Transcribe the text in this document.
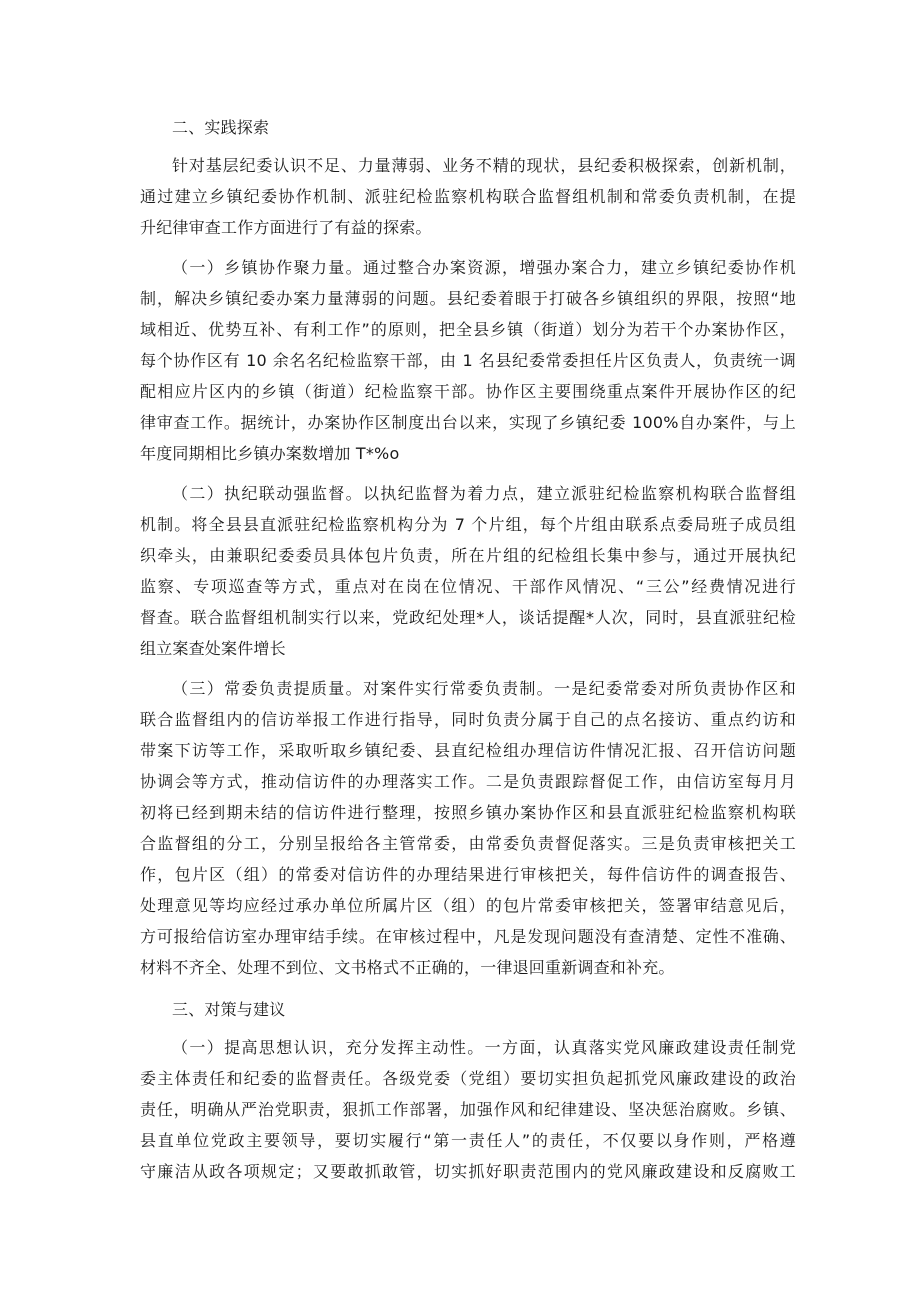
二、实践探索
针对基层纪委认识不足、力量薄弱、业务不精的现状，县纪委积极探索，创新机制，
通过建立乡镇纪委协作机制、派驻纪检监察机构联合监督组机制和常委负责机制，在提
升纪律审查工作方面进行了有益的探索。
（一）乡镇协作聚力量。通过整合办案资源，增强办案合力，建立乡镇纪委协作机
制，解决乡镇纪委办案力量薄弱的问题。县纪委着眼于打破各乡镇组织的界限，按照“地
域相近、优势互补、有利工作”的原则，把全县乡镇（街道）划分为若干个办案协作区，
每个协作区有 10 余名名纪检监察干部，由 1 名县纪委常委担任片区负责人，负责统一调
配相应片区内的乡镇（街道）纪检监察干部。协作区主要围绕重点案件开展协作区的纪
律审查工作。据统计，办案协作区制度出台以来，实现了乡镇纪委 100%自办案件，与上
年度同期相比乡镇办案数增加 T*%o
（二）执纪联动强监督。以执纪监督为着力点，建立派驻纪检监察机构联合监督组
机制。将全县县直派驻纪检监察机构分为 7 个片组，每个片组由联系点委局班子成员组
织牵头，由兼职纪委委员具体包片负责，所在片组的纪检组长集中参与，通过开展执纪
监察、专项巡查等方式，重点对在岗在位情况、干部作风情况、“三公”经费情况进行
督查。联合监督组机制实行以来，党政纪处理*人，谈话提醒*人次，同时，县直派驻纪检
组立案查处案件增长
（三）常委负责提质量。对案件实行常委负责制。一是纪委常委对所负责协作区和
联合监督组内的信访举报工作进行指导，同时负责分属于自己的点名接访、重点约访和
带案下访等工作，采取听取乡镇纪委、县直纪检组办理信访件情况汇报、召开信访问题
协调会等方式，推动信访件的办理落实工作。二是负责跟踪督促工作，由信访室每月月
初将已经到期未结的信访件进行整理，按照乡镇办案协作区和县直派驻纪检监察机构联
合监督组的分工，分别呈报给各主管常委，由常委负责督促落实。三是负责审核把关工
作，包片区（组）的常委对信访件的办理结果进行审核把关，每件信访件的调查报告、
处理意见等均应经过承办单位所属片区（组）的包片常委审核把关，签署审结意见后，
方可报给信访室办理审结手续。在审核过程中，凡是发现问题没有查清楚、定性不准确、
材料不齐全、处理不到位、文书格式不正确的，一律退回重新调查和补充。
三、对策与建议
（一）提高思想认识，充分发挥主动性。一方面，认真落实党风廉政建设责任制党
委主体责任和纪委的监督责任。各级党委（党组）要切实担负起抓党风廉政建设的政治
责任，明确从严治党职责，狠抓工作部署，加强作风和纪律建设、坚决惩治腐败。乡镇、
县直单位党政主要领导，要切实履行“第一责任人”的责任，不仅要以身作则，严格遵
守廉洁从政各项规定；又要敢抓敢管，切实抓好职责范围内的党风廉政建设和反腐败工
